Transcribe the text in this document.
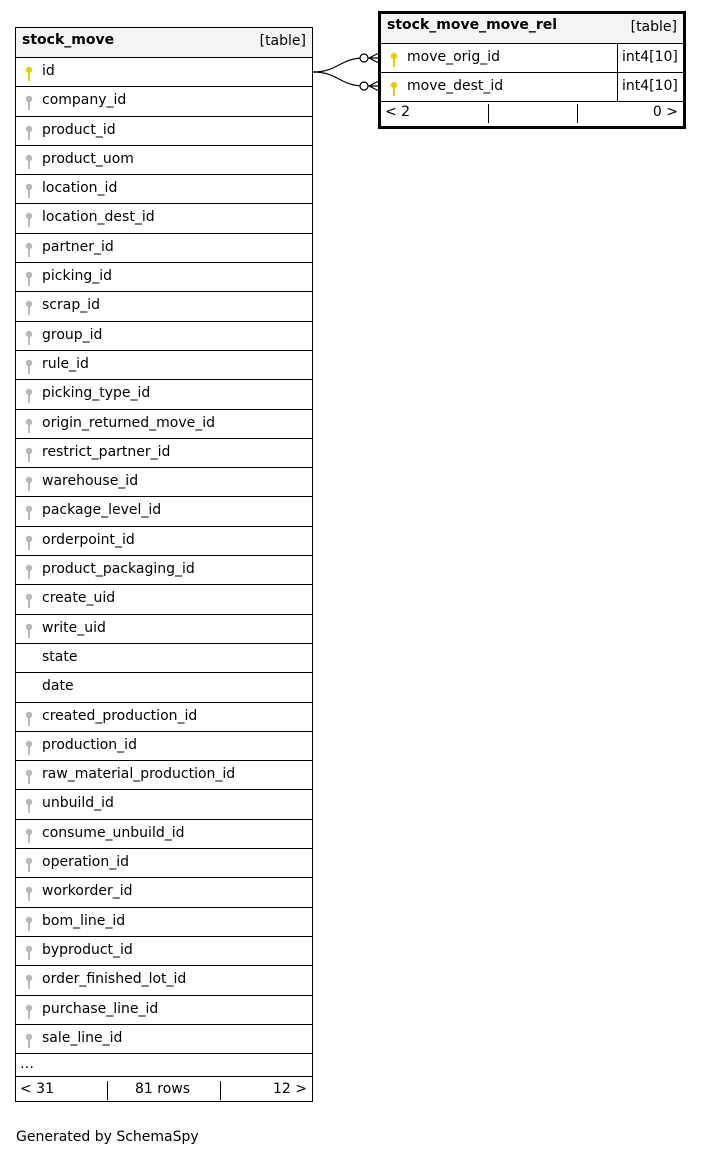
stock_move	[table]
id
company_id
product_id
product_uom
location_id
location_dest_id
partner_id
picking_id
scrap_id
group_id
rule_id
picking_type_id
origin_returned_move_id
restrict_partner_id
warehouse_id
package_level_id
orderpoint_id
product_packaging_id
create_uid
write_uid
state
date
created_production_id
production_id
raw_material_production_id
unbuild_id
consume_unbuild_id
operation_id
workorder_id
bom_line_id
byproduct_id
order_finished_lot_id
purchase_line_id
sale_line_id
…
< 31	81 rows	12 >
stock_move_move_rel	[table]
move_orig_id	int4[10]
move_dest_id	int4[10]
< 2	0 >
Generated by SchemaSpy
